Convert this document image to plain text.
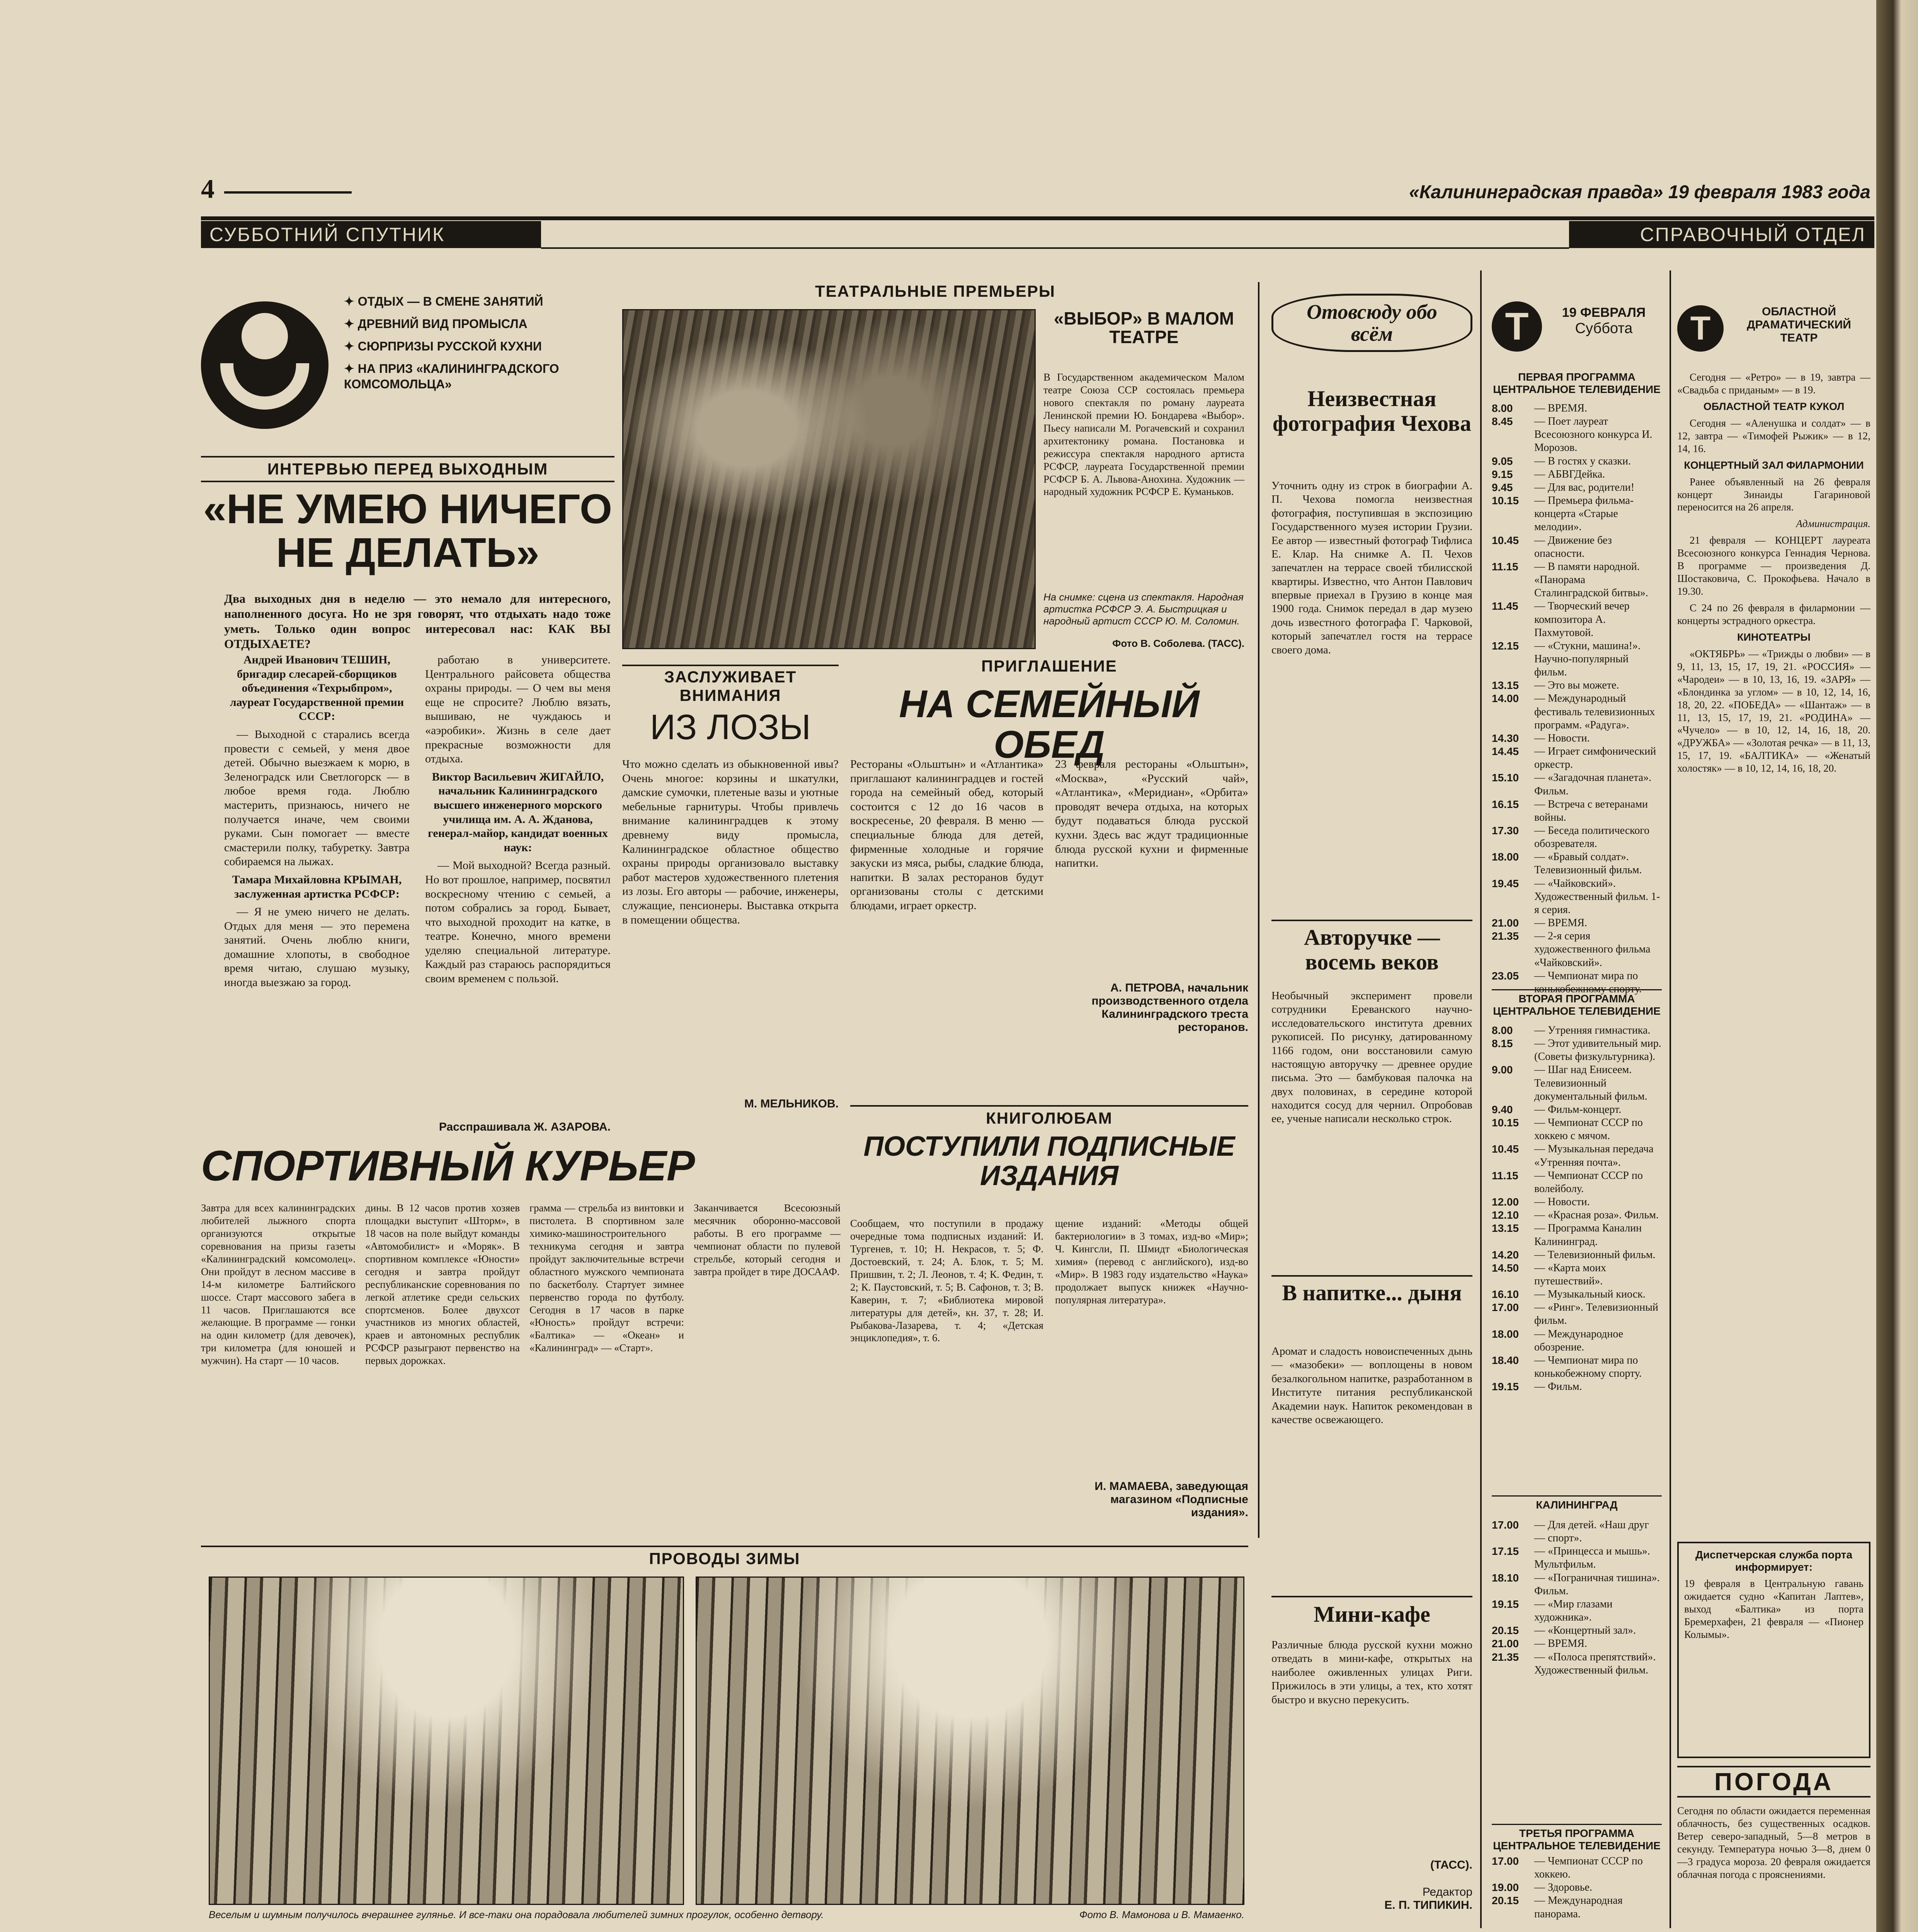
4	«Калининградская правда» 19 февраля 1983 года
СУББОТНИЙ СПУТНИК	СПРАВОЧНЫЙ ОТДЕЛ
✦ ОТДЫХ — В СМЕНЕ ЗАНЯТИЙ
✦ ДРЕВНИЙ ВИД ПРОМЫСЛА
✦ СЮРПРИЗЫ РУССКОЙ КУХНИ
✦ НА ПРИЗ «КАЛИНИНГРАДСКОГО КОМСОМОЛЬЦА»
ИНТЕРВЬЮ ПЕРЕД ВЫХОДНЫМ
«НЕ УМЕЮ НИЧЕГО НЕ ДЕЛАТЬ»
Два выходных дня в неделю — это немало для интересного, наполненного досуга. Но не зря говорят, что отдыхать надо тоже уметь. Только один вопрос интересовал нас: КАК ВЫ ОТДЫХАЕТЕ?

Андрей Иванович ТЕШИН, бригадир слесарей-сборщиков объединения «Техрыбпром», лауреат Государственной премии СССР:

— Выходной с старались всегда провести с семьей, у меня двое детей. Обычно выезжаем к морю, в Зеленоградск или Светлогорск — в любое время года. Люблю мастерить, признаюсь, ничего не получается иначе, чем своими руками. Сын помогает — вместе смастерили полку, табуретку. Завтра собираемся на лыжах.

Тамара Михайловна КРЫМАН, заслуженная артистка РСФСР:

— Я не умею ничего не делать. Отдых для меня — это перемена занятий. Очень люблю книги, домашние хлопоты, в свободное время читаю, слушаю музыку, иногда выезжаю за город.

работаю в университете. Центрального райсовета общества охраны природы. — О чем вы меня еще не спросите? Люблю вязать, вышиваю, не чуждаюсь и «аэробики». Жизнь в селе дает прекрасные возможности для отдыха.

Виктор Васильевич ЖИГАЙЛО, начальник Калининградского высшего инженерного морского училища им. А. А. Жданова, генерал-майор, кандидат военных наук:

— Мой выходной? Всегда разный. Но вот прошлое, например, посвятил воскресному чтению с семьей, а потом собрались за город. Бывает, что выходной проходит на катке, в театре. Конечно, много времени уделяю специальной литературе. Каждый раз стараюсь распорядиться своим временем с пользой.

Расспрашивала Ж. АЗАРОВА.
ТЕАТРАЛЬНЫЕ ПРЕМЬЕРЫ
«ВЫБОР» В МАЛОМ ТЕАТРЕ
В Государственном академическом Малом театре Союза ССР состоялась премьера нового спектакля по роману лауреата Ленинской премии Ю. Бондарева «Выбор». Пьесу написали М. Рогачевский и сохранил архитектонику романа. Постановка и режиссура спектакля народного артиста РСФСР, лауреата Государственной премии РСФСР Б. А. Львова-Анохина. Художник — народный художник РСФСР Е. Куманьков.
На снимке: сцена из спектакля. Народная артистка РСФСР Э. А. Быстрицкая и народный артист СССР Ю. М. Соломин.
Фото В. Соболева. (ТАСС).
ЗАСЛУЖИВАЕТ ВНИМАНИЯ
ИЗ ЛОЗЫ
Что можно сделать из обыкновенной ивы? Очень многое: корзины и шкатулки, дамские сумочки, плетеные вазы и уютные мебельные гарнитуры. Чтобы привлечь внимание калининградцев к этому древнему виду промысла, Калининградское областное общество охраны природы организовало выставку работ мастеров художественного плетения из лозы. Его авторы — рабочие, инженеры, служащие, пенсионеры. Выставка открыта в помещении общества.
М. МЕЛЬНИКОВ.
ПРИГЛАШЕНИЕ
НА СЕМЕЙНЫЙ ОБЕД
Рестораны «Ольштын» и «Атлантика» приглашают калининградцев и гостей города на семейный обед, который состоится с 12 до 16 часов в воскресенье, 20 февраля. В меню — специальные блюда для детей, фирменные холодные и горячие закуски из мяса, рыбы, сладкие блюда, напитки. В залах ресторанов будут организованы столы с детскими блюдами, играет оркестр.
23 февраля рестораны «Ольштын», «Москва», «Русский чай», «Атлантика», «Меридиан», «Орбита» проводят вечера отдыха, на которых будут подаваться блюда русской кухни. Здесь вас ждут традиционные блюда русской кухни и фирменные напитки.
А. ПЕТРОВА, начальник производственного отдела Калининградского треста ресторанов.
КНИГОЛЮБАМ
ПОСТУПИЛИ ПОДПИСНЫЕ ИЗДАНИЯ
СПОРТИВНЫЙ КУРЬЕР
Завтра для всех калининградских любителей лыжного спорта организуются открытые соревнования на призы газеты «Калининградский комсомолец». Они пройдут в лесном массиве в 14-м километре Балтийского шоссе. Старт массового забега в 11 часов. Приглашаются все желающие. В программе — гонки на один километр (для девочек), три километра (для юношей и мужчин). На старт — 10 часов.
дины. В 12 часов против хозяев площадки выступит «Шторм», в 18 часов на поле выйдут команды «Автомобилист» и «Моряк». В спортивном комплексе «Юности» сегодня и завтра пройдут республиканские соревнования по легкой атлетике среди сельских спортсменов. Более двухсот участников из многих областей, краев и автономных республик РСФСР разыграют первенство на первых дорожках.
грамма — стрельба из винтовки и пистолета. В спортивном зале химико-машиностроительного техникума сегодня и завтра пройдут заключительные встречи областного мужского чемпионата по баскетболу. Стартует зимнее первенство города по футболу. Сегодня в 17 часов в парке «Юность» пройдут встречи: «Балтика» — «Океан» и «Калининград» — «Старт».
Заканчивается Всесоюзный месячник оборонно-массовой работы. В его программе — чемпионат области по пулевой стрельбе, который сегодня и завтра пройдет в тире ДОСААФ.
Сообщаем, что поступили в продажу очередные тома подписных изданий: И. Тургенев, т. 10; Н. Некрасов, т. 5; Ф. Достоевский, т. 24; А. Блок, т. 5; М. Пришвин, т. 2; Л. Леонов, т. 4; К. Федин, т. 2; К. Паустовский, т. 5; В. Сафонов, т. 3; В. Каверин, т. 7; «Библиотека мировой литературы для детей», кн. 37, т. 28; И. Рыбакова-Лазарева, т. 4; «Детская энциклопедия», т. 6.
щение изданий: «Методы общей бактериологии» в 3 томах, изд-во «Мир»; Ч. Кингсли, П. Шмидт «Биологическая химия» (перевод с английского), изд-во «Мир». В 1983 году издательство «Наука» продолжает выпуск книжек «Научно-популярная литература».
И. МАМАЕВА, заведующая магазином «Подписные издания».
ПРОВОДЫ ЗИМЫ
Веселым и шумным получилось вчерашнее гулянье. И все-таки она порадовала любителей зимних прогулок, особенно детвору.	Фото В. Мамонова и В. Мамаенко.
Отовсюду обо всём
Неизвестная фотография Чехова
Уточнить одну из строк в биографии А. П. Чехова помогла неизвестная фотография, поступившая в экспозицию Государственного музея истории Грузии. Ее автор — известный фотограф Тифлиса Е. Клар. На снимке А. П. Чехов запечатлен на террасе своей тбилисской квартиры. Известно, что Антон Павлович впервые приехал в Грузию в конце мая 1900 года. Снимок передал в дар музею дочь известного фотографа Г. Чарковой, который запечатлел гостя на террасе своего дома.
Авторучке — восемь веков
Необычный эксперимент провели сотрудники Ереванского научно-исследовательского института древних рукописей. По рисунку, датированному 1166 годом, они восстановили самую настоящую авторучку — древнее орудие письма. Это — бамбуковая палочка на двух половинах, в середине которой находится сосуд для чернил. Опробовав ее, ученые написали несколько строк.
В напитке... дыня
Аромат и сладость новоиспеченных дынь — «мазобеки» — воплощены в новом безалкогольном напитке, разработанном в Институте питания республиканской Академии наук. Напиток рекомендован в качестве освежающего.
Мини-кафе
Различные блюда русской кухни можно отведать в мини-кафе, открытых на наиболее оживленных улицах Риги. Прижилось в эти улицы, а тех, кто хотят быстро и вкусно перекусить.
(ТАСС).
Редактор
Е. П. ТИПИКИН.
Т	19 ФЕВРАЛЯ
Суббота
ПЕРВАЯ ПРОГРАММА ЦЕНТРАЛЬНОЕ ТЕЛЕВИДЕНИЕ
8.00	— ВРЕМЯ.
8.45	— Поет лауреат Всесоюзного конкурса И. Морозов.
9.05	— В гостях у сказки.
9.15	— АБВГДейка.
9.45	— Для вас, родители!
10.15	— Премьера фильма-концерта «Старые мелодии».
10.45	— Движение без опасности.
11.15	— В памяти народной. «Панорама Сталинградской битвы».
11.45	— Творческий вечер композитора А. Пахмутовой.
12.15	— «Стукни, машина!». Научно-популярный фильм.
13.15	— Это вы можете.
14.00	— Международный фестиваль телевизионных программ. «Радуга».
14.30	— Новости.
14.45	— Играет симфонический оркестр.
15.10	— «Загадочная планета». Фильм.
16.15	— Встреча с ветеранами войны.
17.30	— Беседа политического обозревателя.
18.00	— «Бравый солдат». Телевизионный фильм.
19.45	— «Чайковский». Художественный фильм. 1-я серия.
21.00	— ВРЕМЯ.
21.35	— 2-я серия художественного фильма «Чайковский».
23.05	— Чемпионат мира по конькобежному спорту.
ВТОРАЯ ПРОГРАММА ЦЕНТРАЛЬНОЕ ТЕЛЕВИДЕНИЕ
8.00	— Утренняя гимнастика.
8.15	— Этот удивительный мир. (Советы физкультурника).
9.00	— Шаг над Енисеем. Телевизионный документальный фильм.
9.40	— Фильм-концерт.
10.15	— Чемпионат СССР по хоккею с мячом.
10.45	— Музыкальная передача «Утренняя почта».
11.15	— Чемпионат СССР по волейболу.
12.00	— Новости.
12.10	— «Красная роза». Фильм.
13.15	— Программа Каналин Калининград.
14.20	— Телевизионный фильм.
14.50	— «Карта моих путешествий».
16.10	— Музыкальный киоск.
17.00	— «Ринг». Телевизионный фильм.
18.00	— Международное обозрение.
18.40	— Чемпионат мира по конькобежному спорту.
19.15	— Фильм.
КАЛИНИНГРАД
17.00	— Для детей. «Наш друг — спорт».
17.15	— «Принцесса и мышь». Мультфильм.
18.10	— «Пограничная тишина». Фильм.
19.15	— «Мир глазами художника».
20.15	— «Концертный зал».
21.00	— ВРЕМЯ.
21.35	— «Полоса препятствий». Художественный фильм.
ТРЕТЬЯ ПРОГРАММА ЦЕНТРАЛЬНОЕ ТЕЛЕВИДЕНИЕ
17.00	— Чемпионат СССР по хоккею.
19.00	— Здоровье.
20.15	— Международная панорама.
Т	ОБЛАСТНОЙ ДРАМАТИЧЕСКИЙ ТЕАТР

Сегодня — «Ретро» — в 19, завтра — «Свадьба с приданым» — в 19.

ОБЛАСТНОЙ ТЕАТР КУКОЛ

Сегодня — «Аленушка и солдат» — в 12, завтра — «Тимофей Рыжик» — в 12, 14, 16.

КОНЦЕРТНЫЙ ЗАЛ ФИЛАРМОНИИ

Ранее объявленный на 26 февраля концерт Зинаиды Гагариновой переносится на 26 апреля.

Администрация.

21 февраля — КОНЦЕРТ лауреата Всесоюзного конкурса Геннадия Чернова. В программе — произведения Д. Шостаковича, С. Прокофьева. Начало в 19.30.

С 24 по 26 февраля в филармонии — концерты эстрадного оркестра.

КИНОТЕАТРЫ

«ОКТЯБРЬ» — «Трижды о любви» — в 9, 11, 13, 15, 17, 19, 21. «РОССИЯ» — «Чародеи» — в 10, 13, 16, 19. «ЗАРЯ» — «Блондинка за углом» — в 10, 12, 14, 16, 18, 20, 22. «ПОБЕДА» — «Шантаж» — в 11, 13, 15, 17, 19, 21. «РОДИНА» — «Чучело» — в 10, 12, 14, 16, 18, 20. «ДРУЖБА» — «Золотая речка» — в 11, 13, 15, 17, 19. «БАЛТИКА» — «Женатый холостяк» — в 10, 12, 14, 16, 18, 20.

Диспетчерская служба порта информирует:
19 февраля в Центральную гавань ожидается судно «Капитан Лаптев», выход «Балтика» из порта Бремерхафен, 21 февраля — «Пионер Колымы».
ПОГОДА
Сегодня по области ожидается переменная облачность, без существенных осадков. Ветер северо-западный, 5—8 метров в секунду. Температура ночью 3—8, днем 0—3 градуса мороза. 20 февраля ожидается облачная погода с прояснениями.
